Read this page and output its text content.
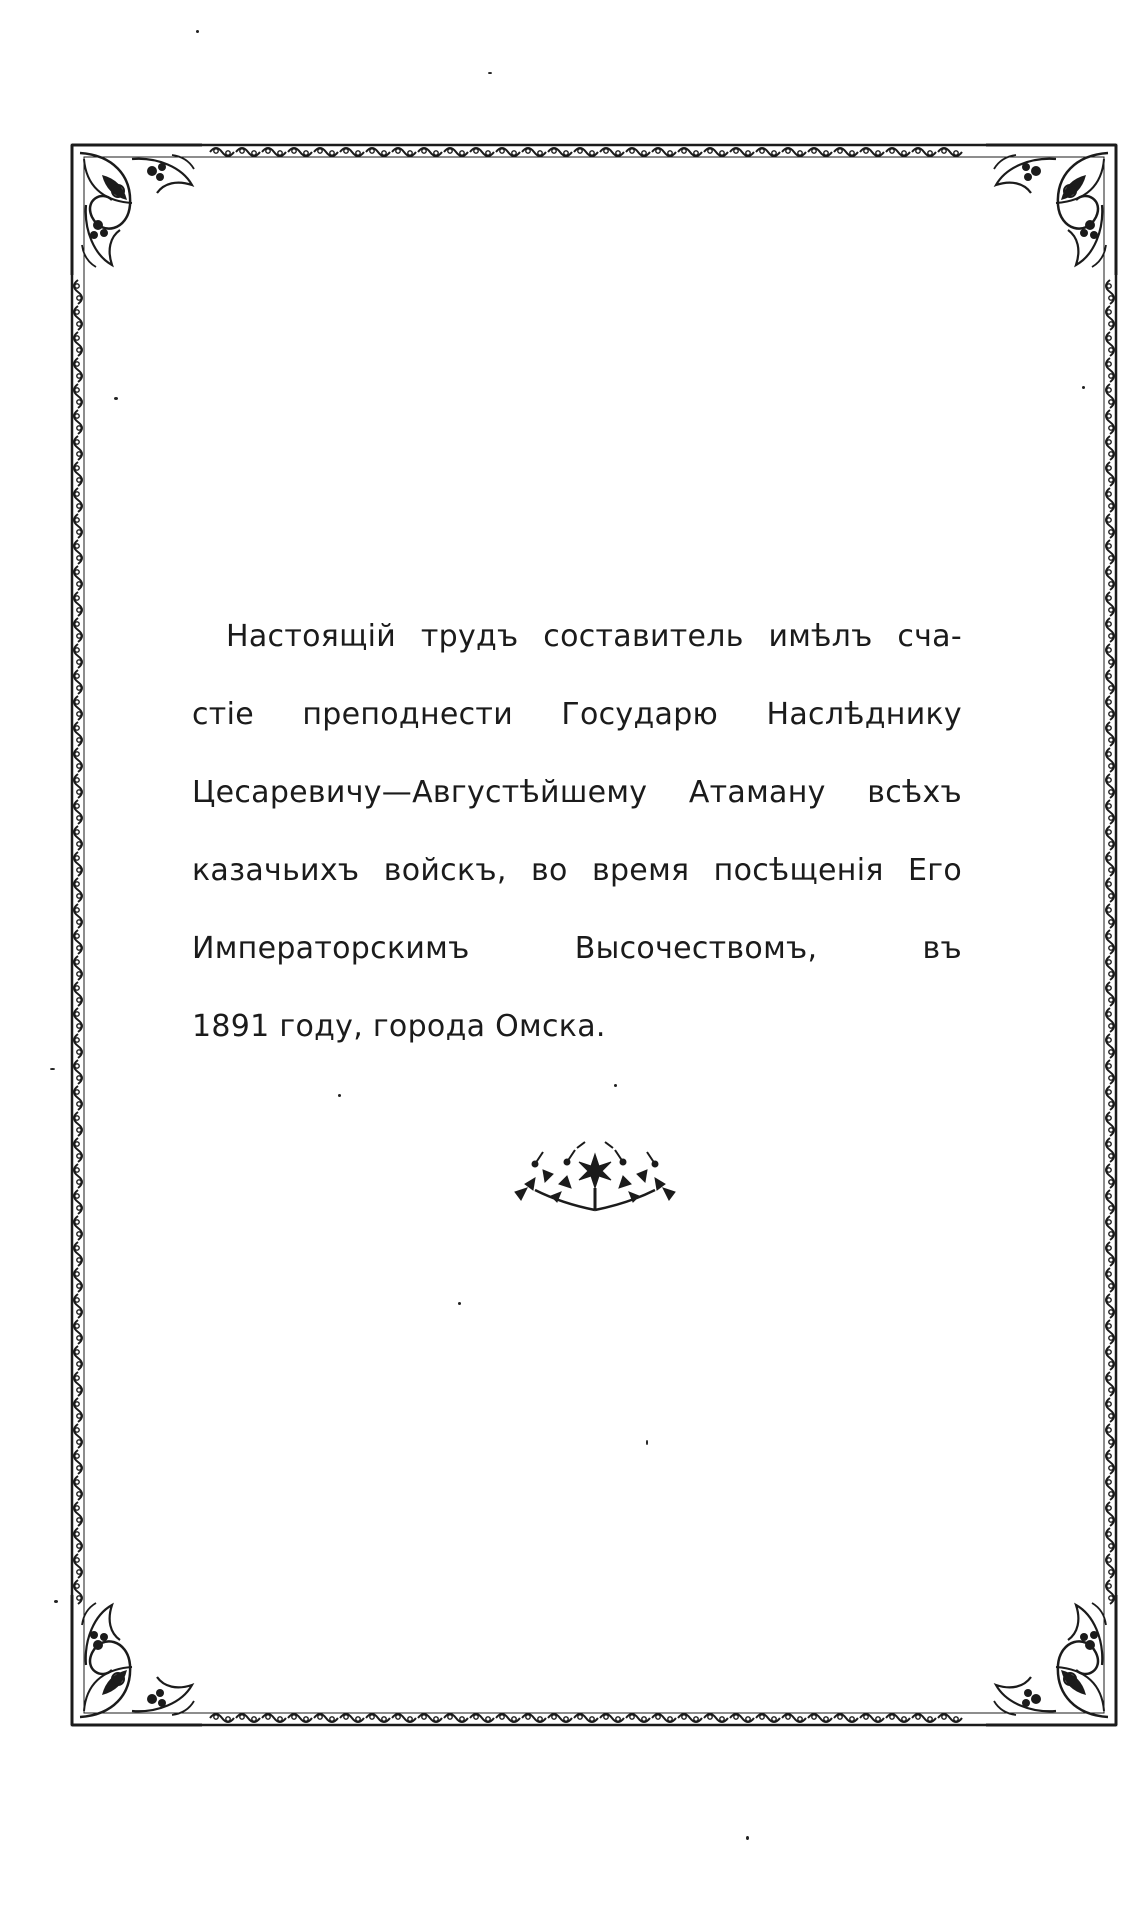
Настоящій трудъ составитель имѣлъ сча-
стіе преподнести Государю Наслѣднику
Цесаревичу—Августѣйшему Атаману всѣхъ
казачьихъ войскъ, во время посѣщенія Его
Императорскимъ Высочествомъ, въ
1891 году, города Омска.
